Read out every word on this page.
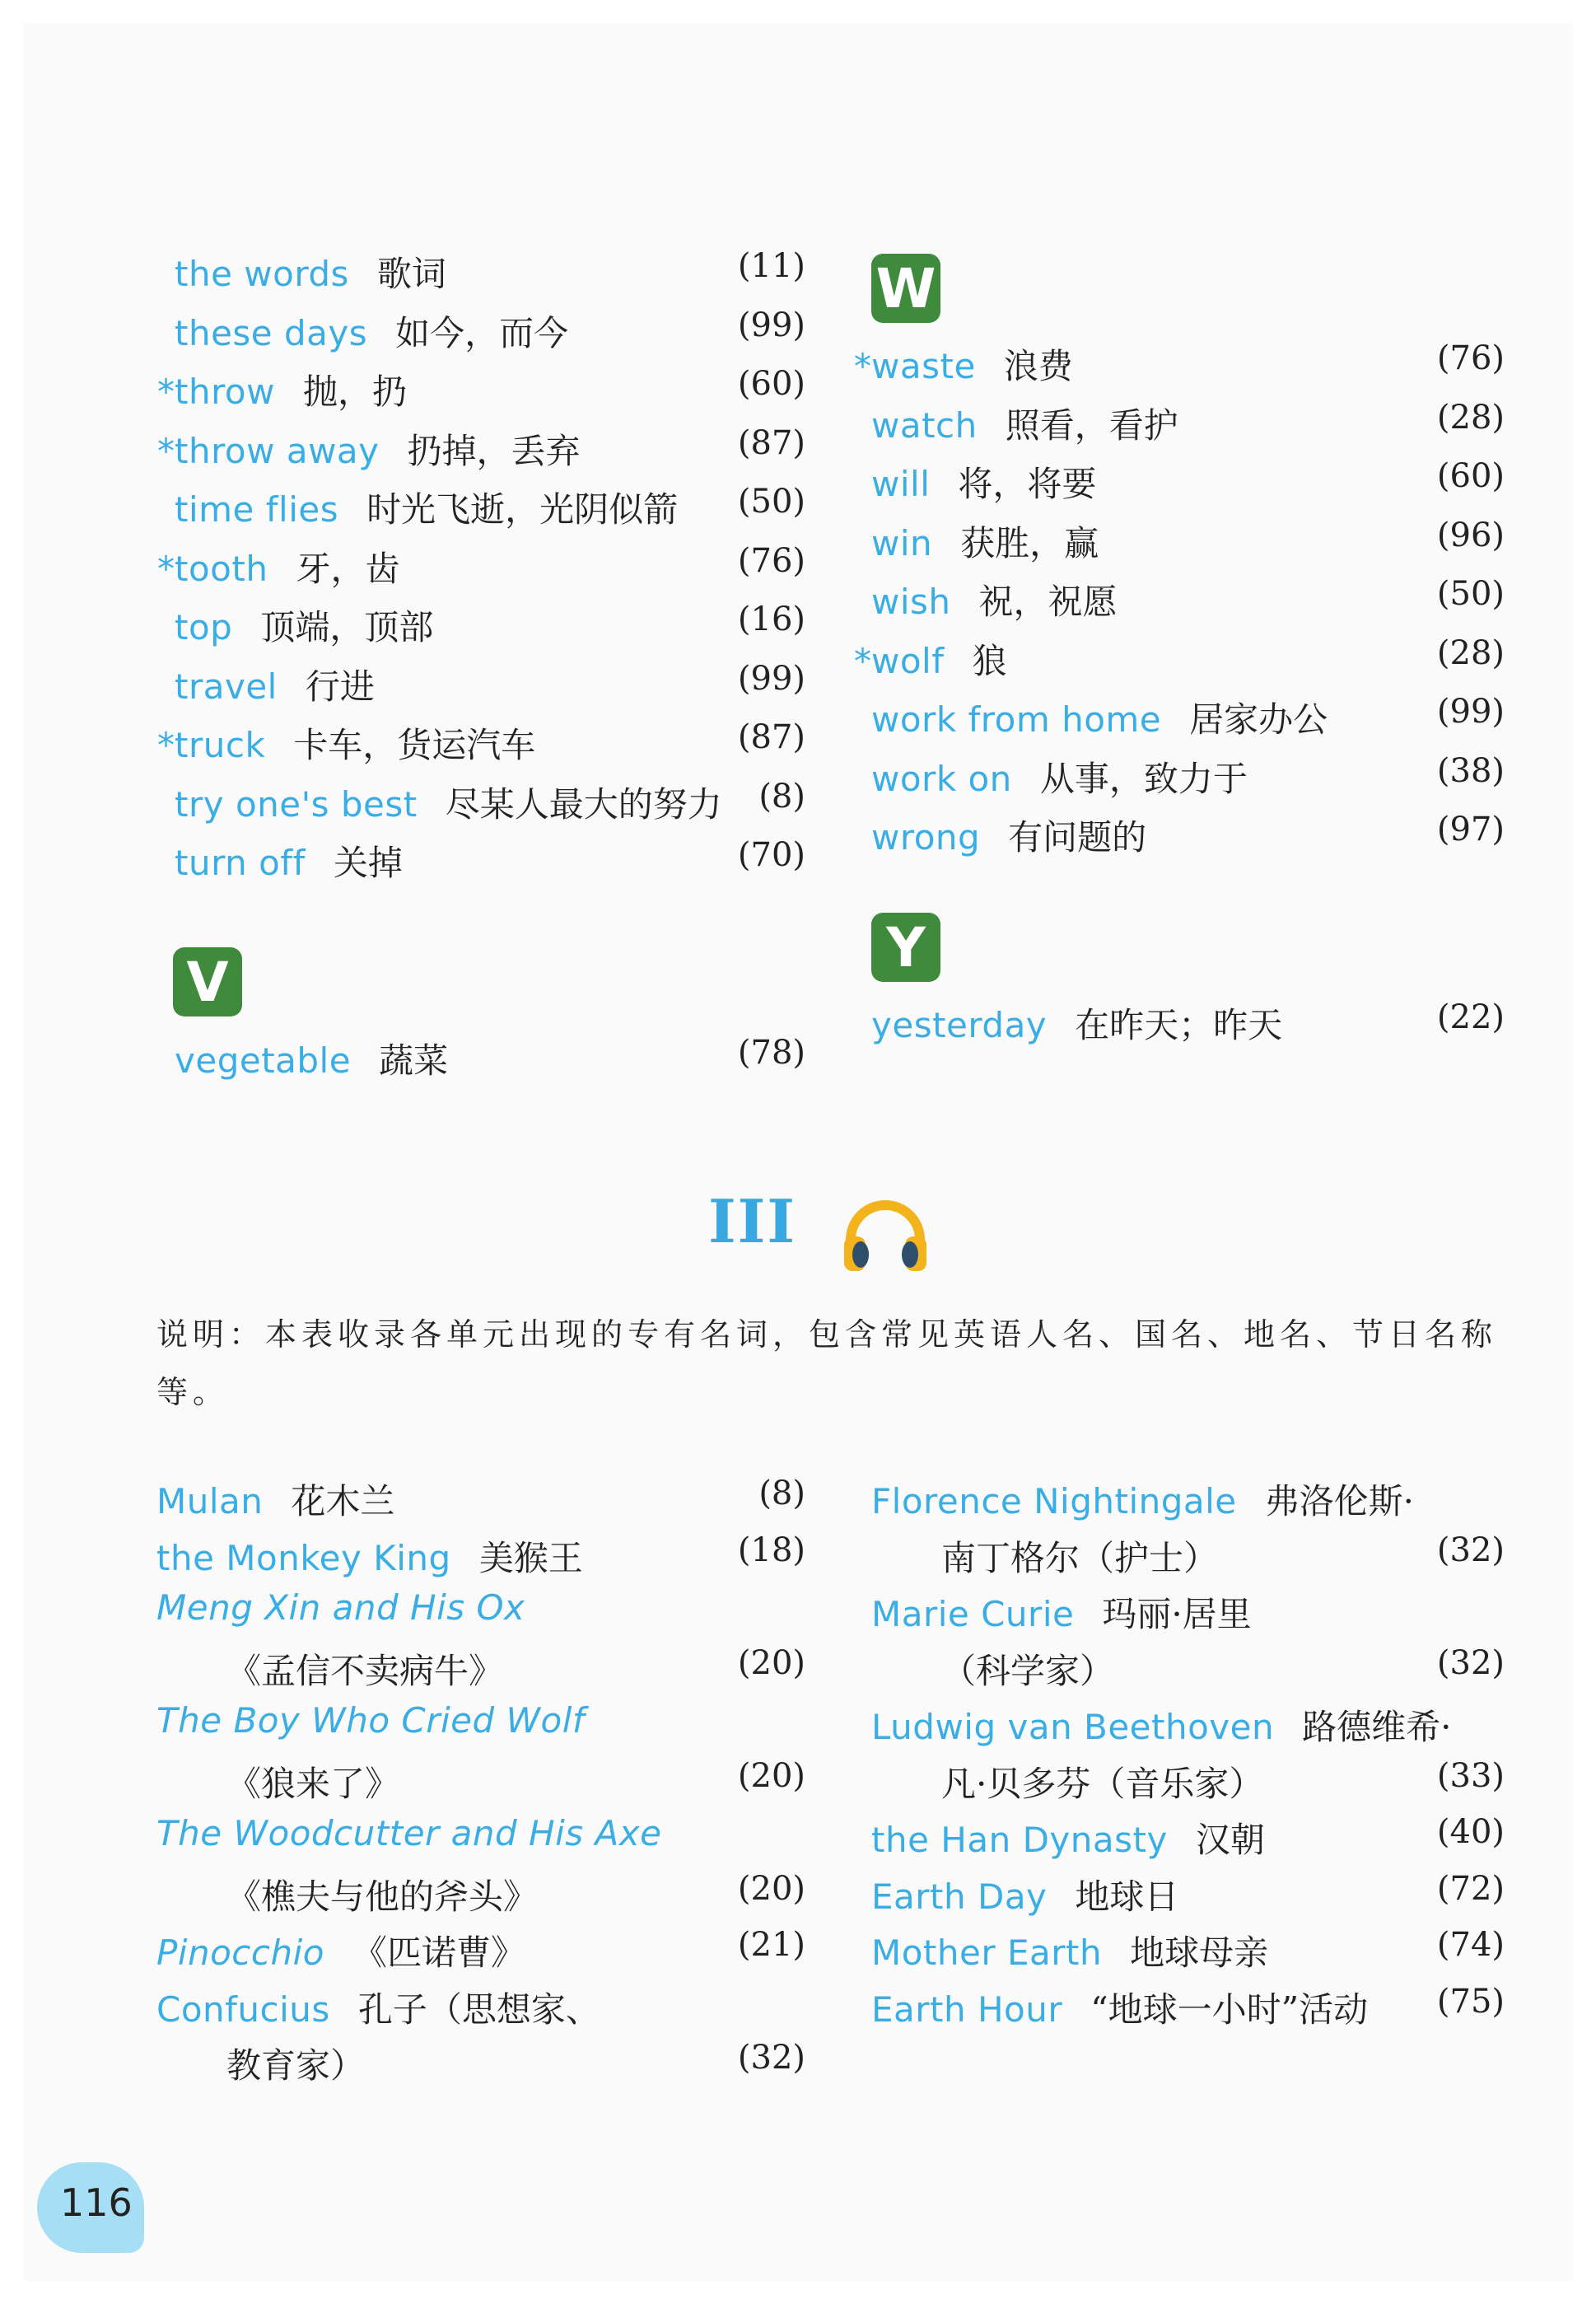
the words 歌词	(11)
these days 如今，而今	(99)
* throw 抛，扔	(60)
* throw away 扔掉，丢弃	(87)
time flies 时光飞逝，光阴似箭 (50)
* tooth 牙，齿	(76)
top 顶端，顶部	(16)
travel 行进	(99)
* truck 卡车，货运汽车	(87)
try one's best 尽某人最大的努力 (8)
turn off 关掉	(70)
V
vegetable 蔬菜	(78)
W
* waste 浪费	(76)
watch 照看，看护	(28)
will 将，将要	(60)
win 获胜，赢	(96)
wish 祝，祝愿	(50)
* wolf 狼	(28)
work from home 居家办公	(99)
work on 从事，致力于	(38)
wrong 有问题的	(97)
Y
yesterday 在昨天；昨天	(22)
III
说明：本表收录各单元出现的专有名词，包含常见英语人名、国名、地名、节日名称等。
Mulan 花木兰	(8)
the Monkey King 美猴王	(18)
Meng Xin and His Ox
《孟信不卖病牛》	(20)
The Boy Who Cried Wolf
《狼来了》	(20)
The Woodcutter and His Axe
《樵夫与他的斧头》	(20)
Pinocchio 《匹诺曹》	(21)
Confucius 孔子（思想家、
教育家）	(32)
Florence Nightingale 弗洛伦斯·
南丁格尔（护士）	(32)
Marie Curie 玛丽·居里
（科学家）	(32)
Ludwig van Beethoven 路德维希·
凡·贝多芬（音乐家）	(33)
the Han Dynasty 汉朝	(40)
Earth Day 地球日	(72)
Mother Earth 地球母亲	(74)
Earth Hour “地球一小时”活动 (75)
116
